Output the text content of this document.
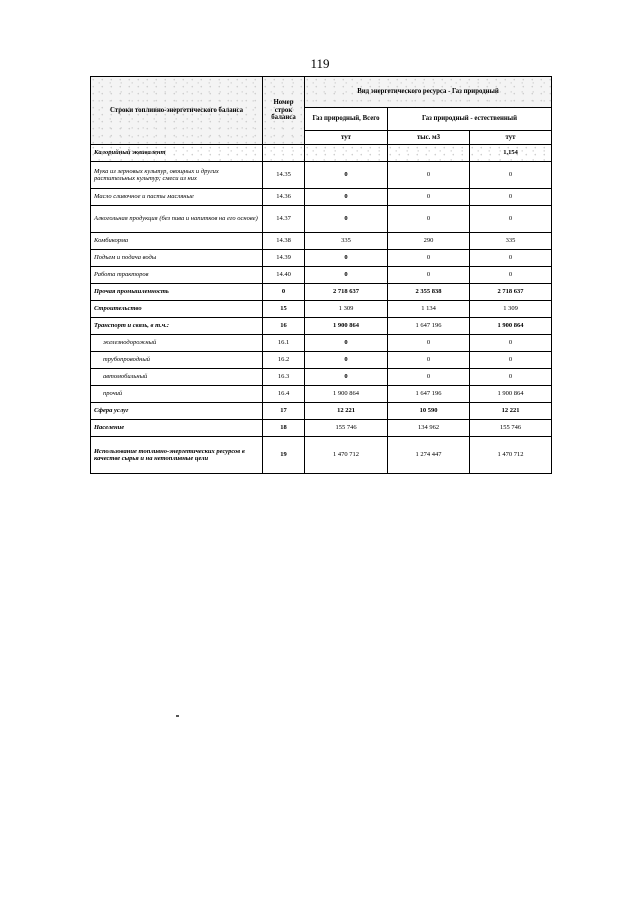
119
Строки топливно-энергетического баланса	Номер строк баланса	Вид энергетического ресурса - Газ природный		
		Газ природный, Всего	Газ природный - естественный	
		тут	тыс. м3	тут
Калорийный эквивалент				1,154
Мука из зерновых культур, овощных и других растительных культур; смеси из них	14.35	0	0	0
Масло сливочное и пасты масляные	14.36	0	0	0
Алкогольная продукция (без пива и напитков на его основе)	14.37	0	0	0
Комбикорма	14.38	335	290	335
Подъем и подача воды	14.39	0	0	0
Работа тракторов	14.40	0	0	0
Прочая промышленность	0	2 718 637	2 355 838	2 718 637
Строительство	15	1 309	1 134	1 309
Транспорт и связь, в т.ч.:	16	1 900 864	1 647 196	1 900 864
железнодорожный	16.1	0	0	0
трубопроводный	16.2	0	0	0
автомобильный	16.3	0	0	0
прочий	16.4	1 900 864	1 647 196	1 900 864
Сфера услуг	17	12 221	10 590	12 221
Население	18	155 746	134 962	155 746
Использование топливно-энергетических ресурсов в качестве сырья и на нетопливные цели	19	1 470 712	1 274 447	1 470 712
